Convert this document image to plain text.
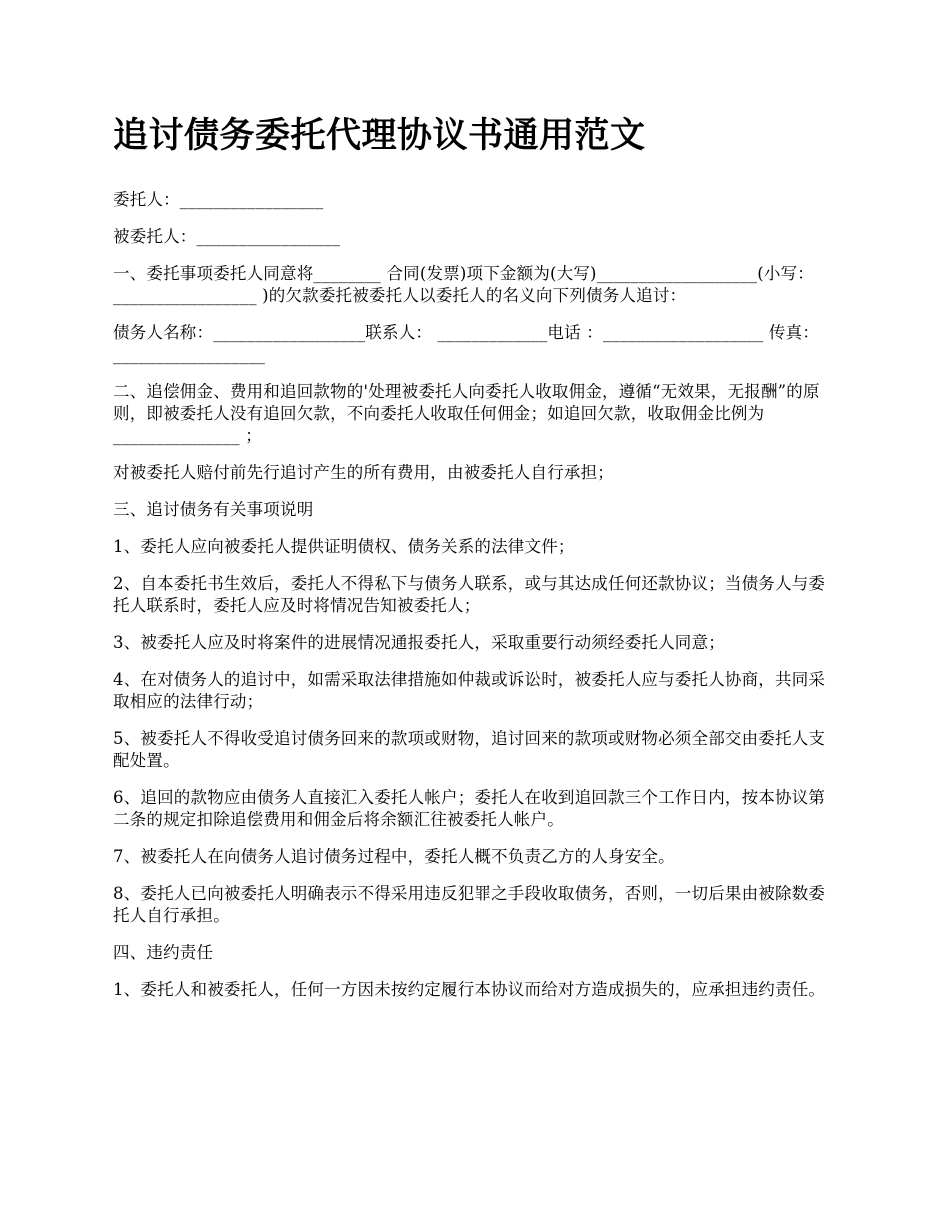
追讨债务委托代理协议书通用范文

委托人：_________________

被委托人：_________________

一、委托事项委托人同意将________ 合同(发票)项下金额为(大写)___________________(小写： _________________ )的欠款委托被委托人以委托人的名义向下列债务人追讨：

债务人名称：__________________联系人： _____________电话 ：___________________ 传真：__________________

二、追偿佣金、费用和追回款物的'处理被委托人向委托人收取佣金，遵循“无效果，无报酬”的原则，即被委托人没有追回欠款，不向委托人收取任何佣金；如追回欠款，收取佣金比例为_______________ ；

对被委托人赔付前先行追讨产生的所有费用，由被委托人自行承担；

三、追讨债务有关事项说明

1、委托人应向被委托人提供证明债权、债务关系的法律文件；

2、自本委托书生效后，委托人不得私下与债务人联系，或与其达成任何还款协议；当债务人与委托人联系时，委托人应及时将情况告知被委托人；

3、被委托人应及时将案件的进展情况通报委托人，采取重要行动须经委托人同意；

4、在对债务人的追讨中，如需采取法律措施如仲裁或诉讼时，被委托人应与委托人协商，共同采取相应的法律行动；

5、被委托人不得收受追讨债务回来的款项或财物，追讨回来的款项或财物必须全部交由委托人支配处置。

6、追回的款物应由债务人直接汇入委托人帐户；委托人在收到追回款三个工作日内，按本协议第二条的规定扣除追偿费用和佣金后将余额汇往被委托人帐户。

7、被委托人在向债务人追讨债务过程中，委托人概不负责乙方的人身安全。

8、委托人已向被委托人明确表示不得采用违反犯罪之手段收取债务，否则，一切后果由被除数委托人自行承担。

四、违约责任

1、委托人和被委托人，任何一方因未按约定履行本协议而给对方造成损失的，应承担违约责任。
